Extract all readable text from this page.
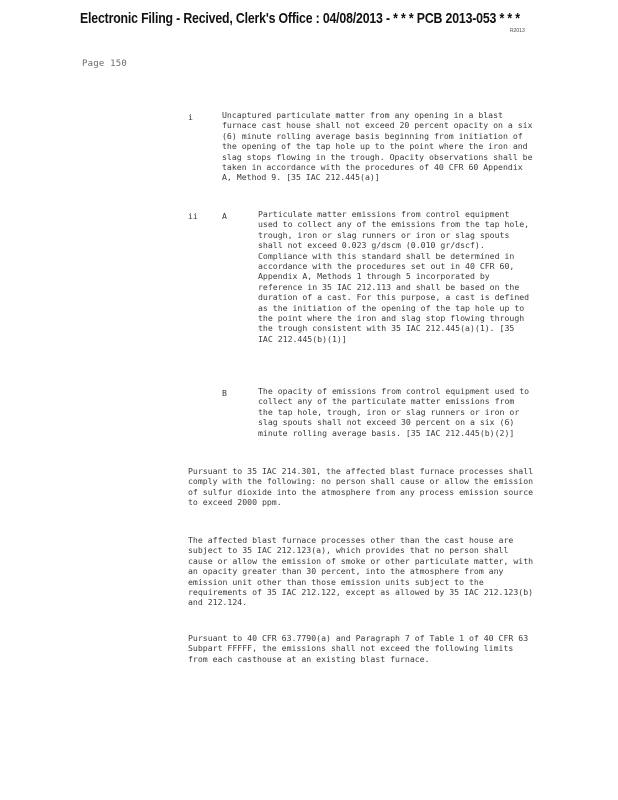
Electronic Filing - Recived, Clerk's Office : 04/08/2013 - * * * PCB 2013-053 * * *
R2013
Page 150
i	Uncaptured particulate matter from any opening in a blast furnace cast house shall not exceed 20 percent opacity on a six (6) minute rolling average basis beginning from initiation of the opening of the tap hole up to the point where the iron and slag stops flowing in the trough. Opacity observations shall be taken in accordance with the procedures of 40 CFR 60 Appendix A, Method 9. [35 IAC 212.445(a)]
ii	A	Particulate matter emissions from control equipment used to collect any of the emissions from the tap hole, trough, iron or slag runners or iron or slag spouts shall not exceed 0.023 g/dscm (0.010 gr/dscf). Compliance with this standard shall be determined in accordance with the procedures set out in 40 CFR 60, Appendix A, Methods 1 through 5 incorporated by reference in 35 IAC 212.113 and shall be based on the duration of a cast. For this purpose, a cast is defined as the initiation of the opening of the tap hole up to the point where the iron and slag stop flowing through the trough consistent with 35 IAC 212.445(a)(1). [35 IAC 212.445(b)(1)]
B	The opacity of emissions from control equipment used to collect any of the particulate matter emissions from the tap hole, trough, iron or slag runners or iron or slag spouts shall not exceed 30 percent on a six (6) minute rolling average basis. [35 IAC 212.445(b)(2)]
Pursuant to 35 IAC 214.301, the affected blast furnace processes shall comply with the following: no person shall cause or allow the emission of sulfur dioxide into the atmosphere from any process emission source to exceed 2000 ppm.
The affected blast furnace processes other than the cast house are subject to 35 IAC 212.123(a), which provides that no person shall cause or allow the emission of smoke or other particulate matter, with an opacity greater than 30 percent, into the atmosphere from any emission unit other than those emission units subject to the requirements of 35 IAC 212.122, except as allowed by 35 IAC 212.123(b) and 212.124.
Pursuant to 40 CFR 63.7790(a) and Paragraph 7 of Table 1 of 40 CFR 63 Subpart FFFFF, the emissions shall not exceed the following limits from each casthouse at an existing blast furnace.
